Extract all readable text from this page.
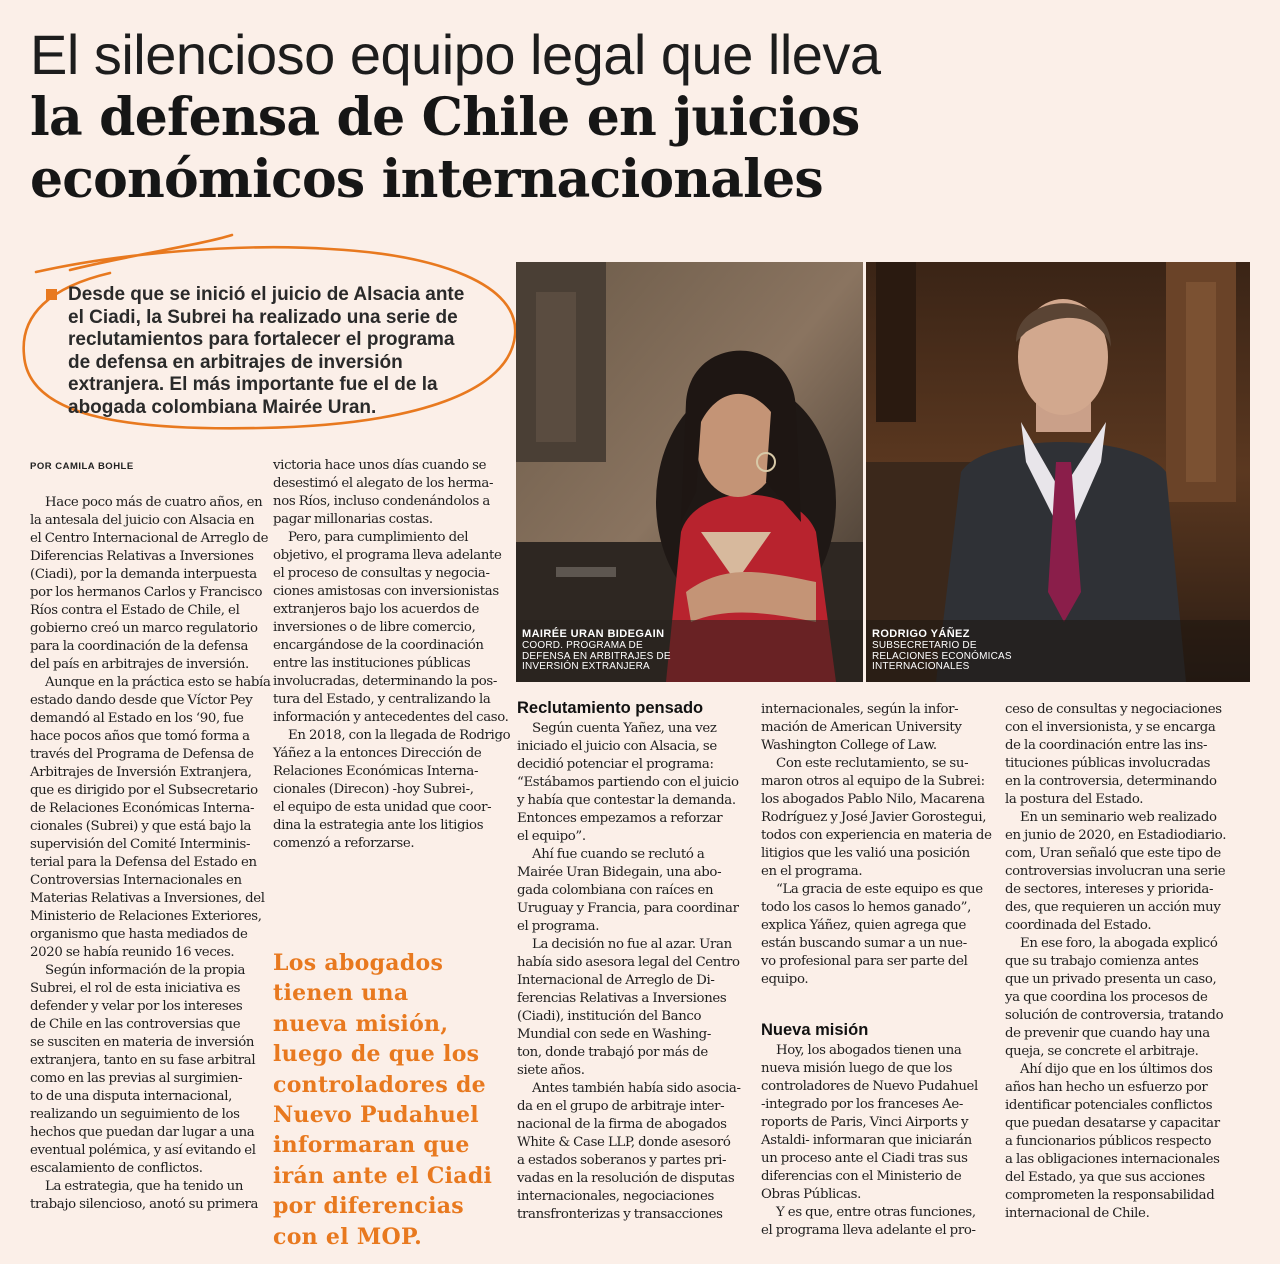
El silencioso equipo legal que lleva
la defensa de Chile en juicios
económicos internacionales

Desde que se inició el juicio de Alsacia ante

el Ciadi, la Subrei ha realizado una serie de

reclutamientos para fortalecer el programa

de defensa en arbitrajes de inversión

extranjera. El más importante fue el de la

abogada colombiana Mairée Uran.

POR CAMILA BOHLE

Hace poco más de cuatro años, en

la antesala del juicio con Alsacia en

el Centro Internacional de Arreglo de

Diferencias Relativas a Inversiones

(Ciadi), por la demanda interpuesta

por los hermanos Carlos y Francisco

Ríos contra el Estado de Chile, el

gobierno creó un marco regulatorio

para la coordinación de la defensa

del país en arbitrajes de inversión.

Aunque en la práctica esto se había

estado dando desde que Víctor Pey

demandó al Estado en los ‘90, fue

hace pocos años que tomó forma a

través del Programa de Defensa de

Arbitrajes de Inversión Extranjera,

que es dirigido por el Subsecretario

de Relaciones Económicas Interna-

cionales (Subrei) y que está bajo la

supervisión del Comité Interminis-

terial para la Defensa del Estado en

Controversias Internacionales en

Materias Relativas a Inversiones, del

Ministerio de Relaciones Exteriores,

organismo que hasta mediados de

2020 se había reunido 16 veces.

Según información de la propia

Subrei, el rol de esta iniciativa es

defender y velar por los intereses

de Chile en las controversias que

se susciten en materia de inversión

extranjera, tanto en su fase arbitral

como en las previas al surgimien-

to de una disputa internacional,

realizando un seguimiento de los

hechos que puedan dar lugar a una

eventual polémica, y así evitando el

escalamiento de conflictos.

La estrategia, que ha tenido un

trabajo silencioso, anotó su primera

victoria hace unos días cuando se

desestimó el alegato de los herma-

nos Ríos, incluso condenándolos a

pagar millonarias costas.

Pero, para cumplimiento del

objetivo, el programa lleva adelante

el proceso de consultas y negocia-

ciones amistosas con inversionistas

extranjeros bajo los acuerdos de

inversiones o de libre comercio,

encargándose de la coordinación

entre las instituciones públicas

involucradas, determinando la pos-

tura del Estado, y centralizando la

información y antecedentes del caso.

En 2018, con la llegada de Rodrigo

Yáñez a la entonces Dirección de

Relaciones Económicas Interna-

cionales (Direcon) -hoy Subrei-,

el equipo de esta unidad que coor-

dina la estrategia ante los litigios

comenzó a reforzarse.

Los abogados

tienen una

nueva misión,

luego de que los

controladores de

Nuevo Pudahuel

informaran que

irán ante el Ciadi

por diferencias

con el MOP.

MAIRÉE URAN BIDEGAIN
COORD. PROGRAMA DE
DEFENSA EN ARBITRAJES DE
INVERSIÓN EXTRANJERA
RODRIGO YÁÑEZ
SUBSECRETARIO DE
RELACIONES ECONÓMICAS
INTERNACIONALES
Reclutamiento pensado

Según cuenta Yañez, una vez

iniciado el juicio con Alsacia, se

decidió potenciar el programa:

“Estábamos partiendo con el juicio

y había que contestar la demanda.

Entonces empezamos a reforzar

el equipo”.

Ahí fue cuando se reclutó a

Mairée Uran Bidegain, una abo-

gada colombiana con raíces en

Uruguay y Francia, para coordinar

el programa.

La decisión no fue al azar. Uran

había sido asesora legal del Centro

Internacional de Arreglo de Di-

ferencias Relativas a Inversiones

(Ciadi), institución del Banco

Mundial con sede en Washing-

ton, donde trabajó por más de

siete años.

Antes también había sido asocia-

da en el grupo de arbitraje inter-

nacional de la firma de abogados

White & Case LLP, donde asesoró

a estados soberanos y partes pri-

vadas en la resolución de disputas

internacionales, negociaciones

transfronterizas y transacciones

internacionales, según la infor-

mación de American University

Washington College of Law.

Con este reclutamiento, se su-

maron otros al equipo de la Subrei:

los abogados Pablo Nilo, Macarena

Rodríguez y José Javier Gorostegui,

todos con experiencia en materia de

litigios que les valió una posición

en el programa.

“La gracia de este equipo es que

todo los casos lo hemos ganado”,

explica Yáñez, quien agrega que

están buscando sumar a un nue-

vo profesional para ser parte del

equipo.

Nueva misión

Hoy, los abogados tienen una

nueva misión luego de que los

controladores de Nuevo Pudahuel

-integrado por los franceses Ae-

roports de Paris, Vinci Airports y

Astaldi- informaran que iniciarán

un proceso ante el Ciadi tras sus

diferencias con el Ministerio de

Obras Públicas.

Y es que, entre otras funciones,

el programa lleva adelante el pro-

ceso de consultas y negociaciones

con el inversionista, y se encarga

de la coordinación entre las ins-

tituciones públicas involucradas

en la controversia, determinando

la postura del Estado.

En un seminario web realizado

en junio de 2020, en Estadiodiario.

com, Uran señaló que este tipo de

controversias involucran una serie

de sectores, intereses y priorida-

des, que requieren un acción muy

coordinada del Estado.

En ese foro, la abogada explicó

que su trabajo comienza antes

que un privado presenta un caso,

ya que coordina los procesos de

solución de controversia, tratando

de prevenir que cuando hay una

queja, se concrete el arbitraje.

Ahí dijo que en los últimos dos

años han hecho un esfuerzo por

identificar potenciales conflictos

que puedan desatarse y capacitar

a funcionarios públicos respecto

a las obligaciones internacionales

del Estado, ya que sus acciones

comprometen la responsabilidad

internacional de Chile.
